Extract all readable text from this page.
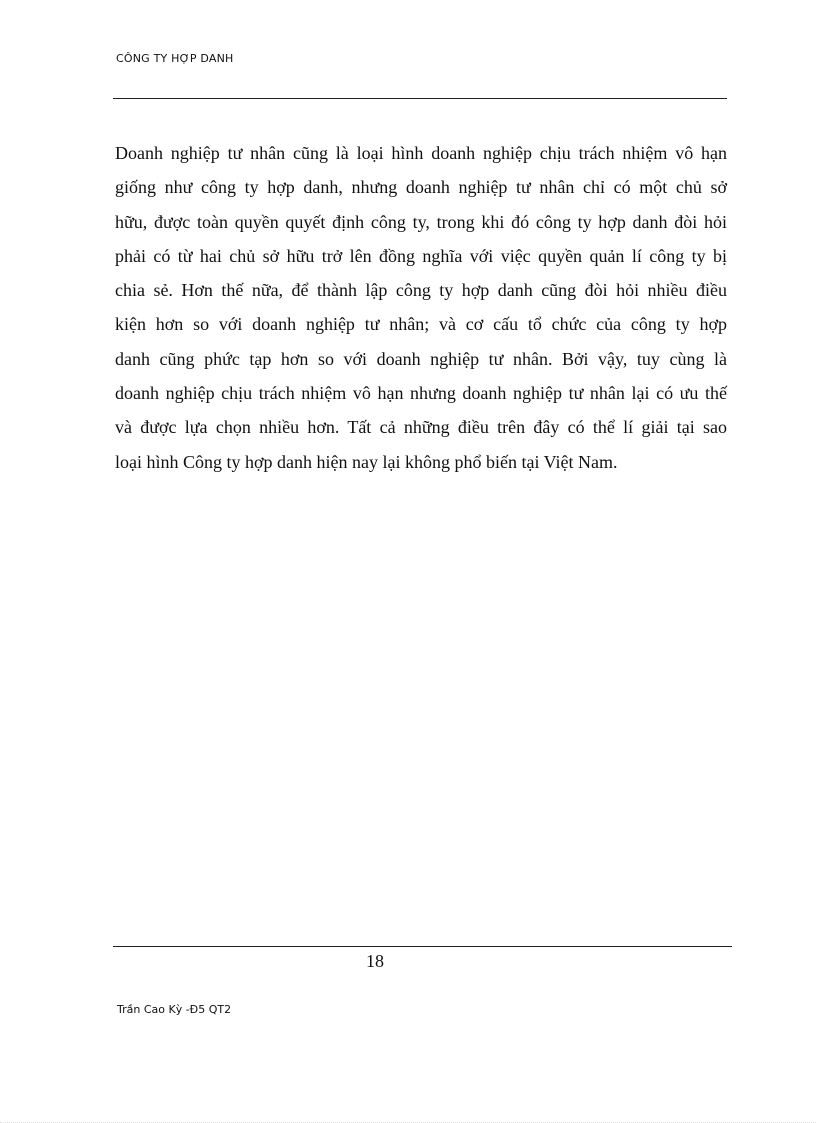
CÔNG TY HỢP DANH
Doanh nghiệp tư nhân cũng là loại hình doanh nghiệp chịu trách nhiệm vô hạn
giống như công ty hợp danh, nhưng doanh nghiệp tư nhân chỉ có một chủ sở
hữu, được toàn quyền quyết định công ty, trong khi đó công ty hợp danh đòi hỏi
phải có từ hai chủ sở hữu trở lên đồng nghĩa với việc quyền quản lí công ty bị
chia sẻ. Hơn thế nữa, để thành lập công ty hợp danh cũng đòi hỏi nhiều điều
kiện hơn so với doanh nghiệp tư nhân; và cơ cấu tổ chức của công ty hợp
danh cũng phức tạp hơn so với doanh nghiệp tư nhân. Bởi vậy, tuy cùng là
doanh nghiệp chịu trách nhiệm vô hạn nhưng doanh nghiệp tư nhân lại có ưu thế
và được lựa chọn nhiều hơn. Tất cả những điều trên đây có thể lí giải tại sao
loại hình Công ty hợp danh hiện nay lại không phổ biến tại Việt Nam.
18
Trần Cao Kỳ -Đ5 QT2
